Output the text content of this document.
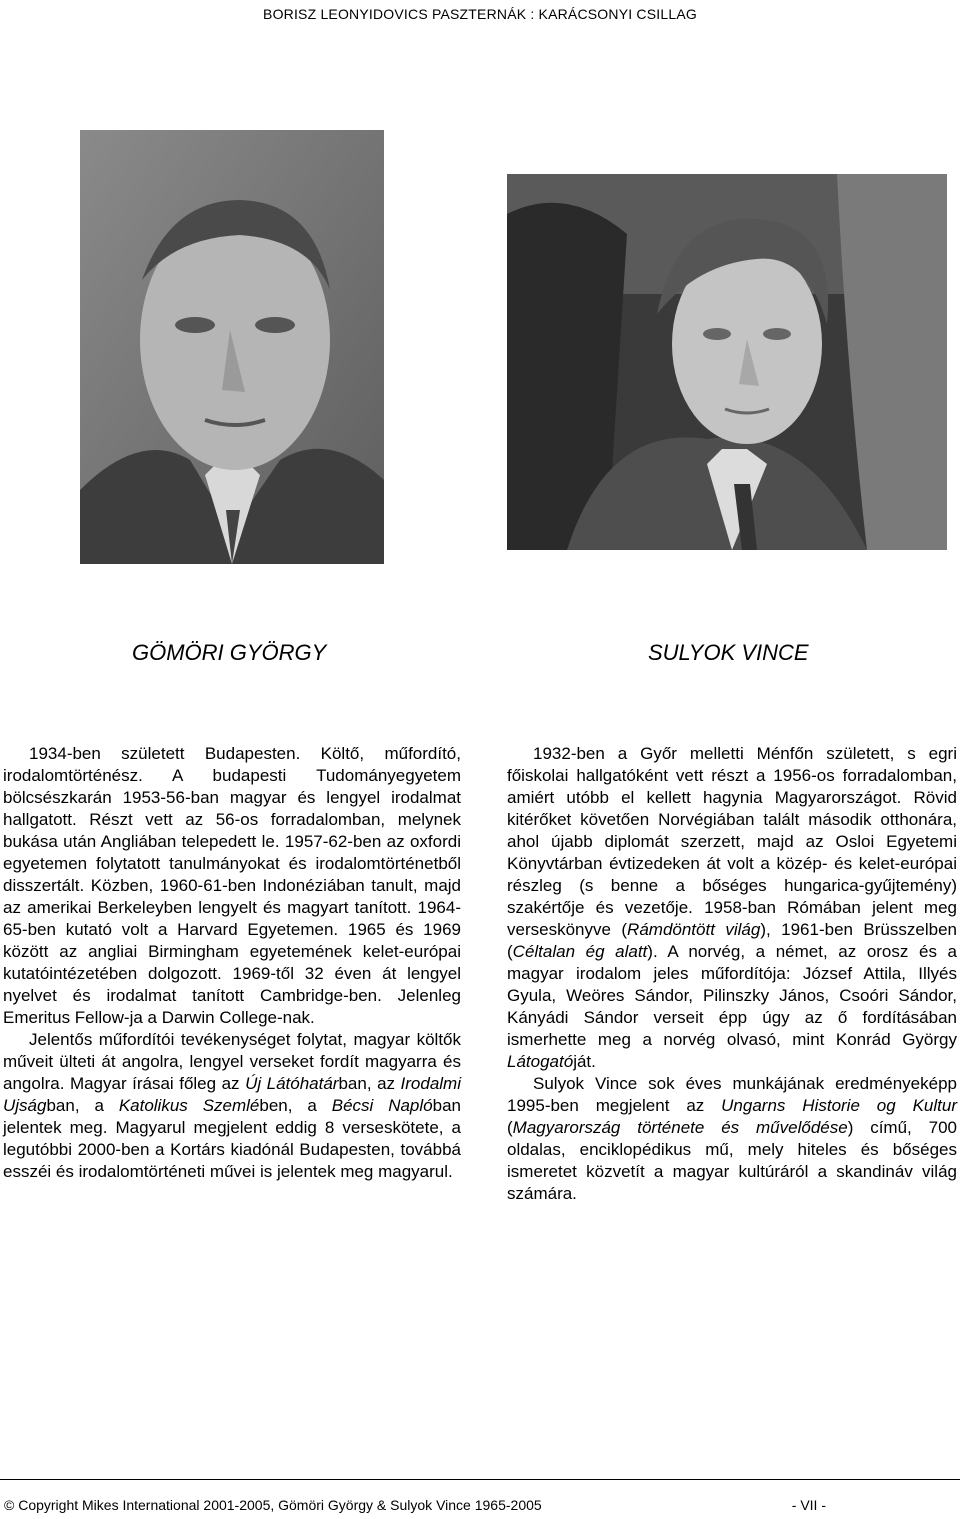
BORISZ LEONYIDOVICS PASZTERNÁK : KARÁCSONYI CSILLAG
GÖMÖRI GYÖRGY	SULYOK VINCE

1934-ben született Budapesten. Költő, műfordító, irodalomtörténész. A budapesti Tudományegyetem bölcsészkarán 1953-56-ban magyar és lengyel irodalmat hallgatott. Részt vett az 56-os forradalomban, melynek bukása után Angliában telepedett le. 1957-62-ben az oxfordi egyetemen folytatott tanulmányokat és irodalomtörténetből disszertált. Közben, 1960-61-ben Indonéziában tanult, majd az amerikai Berkeleyben lengyelt és magyart tanított. 1964-65-ben kutató volt a Harvard Egyetemen. 1965 és 1969 között az angliai Birmingham egyetemének kelet-európai kutatóintézetében dolgozott. 1969-től 32 éven át lengyel nyelvet és irodalmat tanított Cambridge-ben. Jelenleg Emeritus Fellow-ja a Darwin College-nak.

Jelentős műfordítói tevékenységet folytat, magyar költők műveit ülteti át angolra, lengyel verseket fordít magyarra és angolra. Magyar írásai főleg az Új Látóhatárban, az Irodalmi Ujságban, a Katolikus Szemlében, a Bécsi Naplóban jelentek meg. Magyarul megjelent eddig 8 verseskötete, a legutóbbi 2000-ben a Kortárs kiadónál Budapesten, továbbá esszéi és irodalomtörténeti művei is jelentek meg magyarul.

1932-ben a Győr melletti Ménfőn született, s egri főiskolai hallgatóként vett részt a 1956-os forradalomban, amiért utóbb el kellett hagynia Magyarországot. Rövid kitérőket követően Norvégiában talált második otthonára, ahol újabb diplomát szerzett, majd az Osloi Egyetemi Könyvtárban évtizedeken át volt a közép- és kelet-európai részleg (s benne a bőséges hungarica-gyűjtemény) szakértője és vezetője. 1958-ban Rómában jelent meg verseskönyve (Rámdöntött világ), 1961-ben Brüsszelben (Céltalan ég alatt). A norvég, a német, az orosz és a magyar irodalom jeles műfordítója: József Attila, Illyés Gyula, Weöres Sándor, Pilinszky János, Csoóri Sándor, Kányádi Sándor verseit épp úgy az ő fordításában ismerhette meg a norvég olvasó, mint Konrád György Látogatóját.

Sulyok Vince sok éves munkájának eredményeképp 1995-ben megjelent az Ungarns Historie og Kultur (Magyarország története és művelődése) című, 700 oldalas, enciklopédikus mű, mely hiteles és bőséges ismeretet közvetít a magyar kultúráról a skandináv világ számára.

© Copyright Mikes International 2001-2005, Gömöri György & Sulyok Vince 1965-2005	- VII -
